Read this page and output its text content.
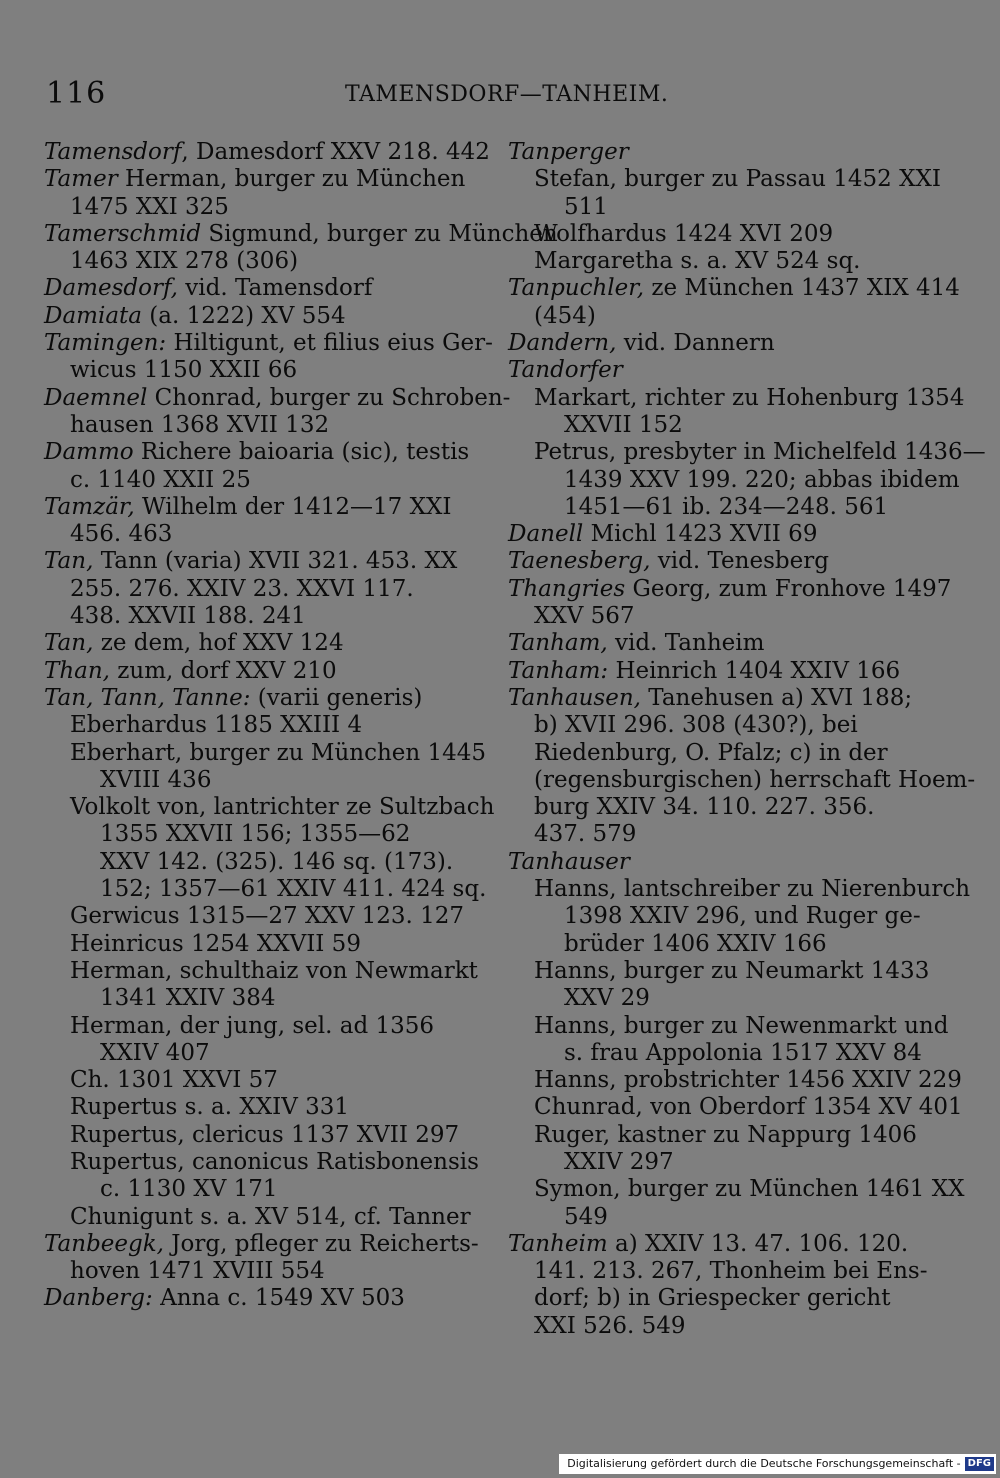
116	TAMENSDORF—TANHEIM.
Tamensdorf, Damesdorf XXV 218. 442
Tamer Herman, burger zu München
1475 XXI 325
Tamerschmid Sigmund, burger zu München
1463 XIX 278 (306)
Damesdorf, vid. Tamensdorf
Damiata (a. 1222) XV 554
Tamingen: Hiltigunt, et filius eius Ger-
wicus 1150 XXII 66
Daemnel Chonrad, burger zu Schroben-
hausen 1368 XVII 132
Dammo Richere baioaria (sic), testis
c. 1140 XXII 25
Tamzär, Wilhelm der 1412—17 XXI
456. 463
Tan, Tann (varia) XVII 321. 453. XX
255. 276. XXIV 23. XXVI 117.
438. XXVII 188. 241
Tan, ze dem, hof XXV 124
Than, zum, dorf XXV 210
Tan, Tann, Tanne: (varii generis)
Eberhardus 1185 XXIII 4
Eberhart, burger zu München 1445
XVIII 436
Volkolt von, lantrichter ze Sultzbach
1355 XXVII 156; 1355—62
XXV 142. (325). 146 sq. (173).
152; 1357—61 XXIV 411. 424 sq.
Gerwicus 1315—27 XXV 123. 127
Heinricus 1254 XXVII 59
Herman, schulthaiz von Newmarkt
1341 XXIV 384
Herman, der jung, sel. ad 1356
XXIV 407
Ch. 1301 XXVI 57
Rupertus s. a. XXIV 331
Rupertus, clericus 1137 XVII 297
Rupertus, canonicus Ratisbonensis
c. 1130 XV 171
Chunigunt s. a. XV 514, cf. Tanner
Tanbeegk, Jorg, pfleger zu Reicherts-
hoven 1471 XVIII 554
Danberg: Anna c. 1549 XV 503
Tanperger
Stefan, burger zu Passau 1452 XXI
511
Wolfhardus 1424 XVI 209
Margaretha s. a. XV 524 sq.
Tanpuchler, ze München 1437 XIX 414
(454)
Dandern, vid. Dannern
Tandorfer
Markart, richter zu Hohenburg 1354
XXVII 152
Petrus, presbyter in Michelfeld 1436—
1439 XXV 199. 220; abbas ibidem
1451—61 ib. 234—248. 561
Danell Michl 1423 XVII 69
Taenesberg, vid. Tenesberg
Thangries Georg, zum Fronhove 1497
XXV 567
Tanham, vid. Tanheim
Tanham: Heinrich 1404 XXIV 166
Tanhausen, Tanehusen a) XVI 188;
b) XVII 296. 308 (430?), bei
Riedenburg, O. Pfalz; c) in der
(regensburgischen) herrschaft Hoem-
burg XXIV 34. 110. 227. 356.
437. 579
Tanhauser
Hanns, lantschreiber zu Nierenburch
1398 XXIV 296, und Ruger ge-
brüder 1406 XXIV 166
Hanns, burger zu Neumarkt 1433
XXV 29
Hanns, burger zu Newenmarkt und
s. frau Appolonia 1517 XXV 84
Hanns, probstrichter 1456 XXIV 229
Chunrad, von Oberdorf 1354 XV 401
Ruger, kastner zu Nappurg 1406
XXIV 297
Symon, burger zu München 1461 XX
549
Tanheim a) XXIV 13. 47. 106. 120.
141. 213. 267, Thonheim bei Ens-
dorf; b) in Griespecker gericht
XXI 526. 549
Digitalisierung gefördert durch die Deutsche Forschungsgemeinschaft - DFG
